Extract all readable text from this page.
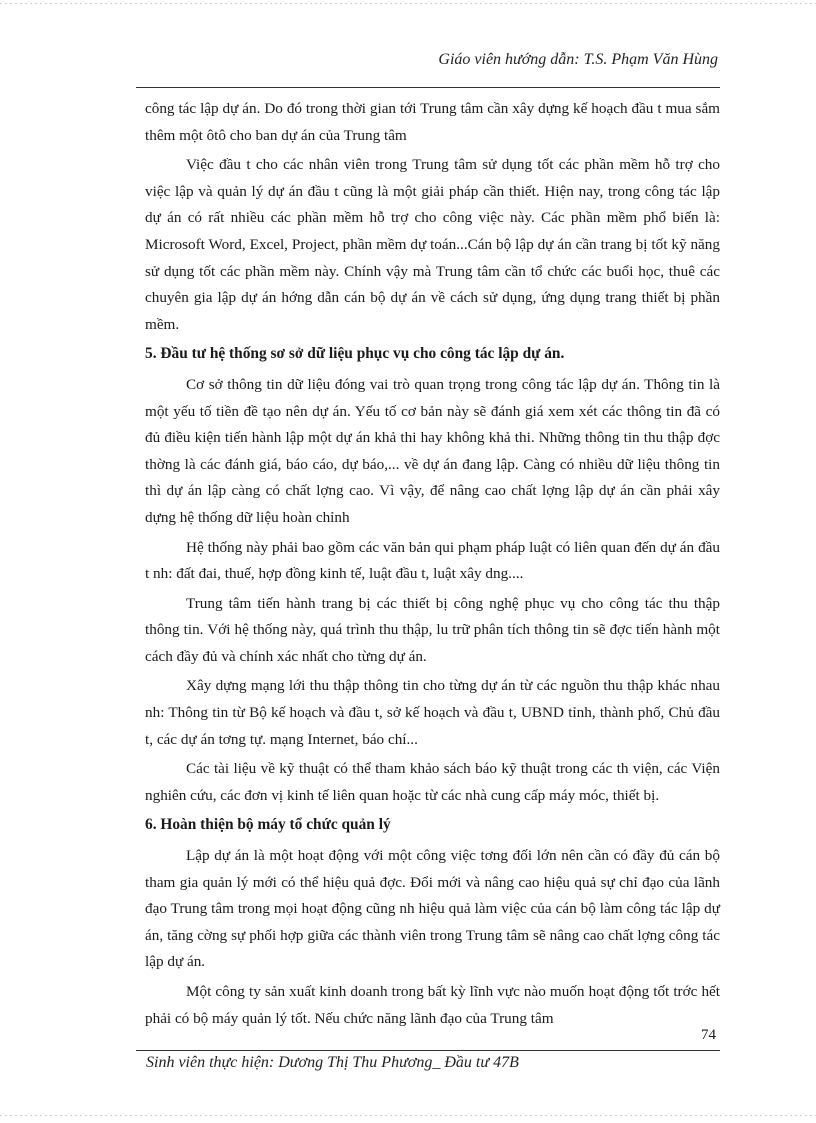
Giáo viên hướng dẫn: T.S. Phạm Văn Hùng

công tác lập dự án. Do đó trong thời gian tới Trung tâm cần xây dựng kế hoạch đầu t mua sắm thêm một ôtô cho ban dự án của Trung tâm

Việc đầu t cho các nhân viên trong Trung tâm sử dụng tốt các phần mềm hỗ trợ cho việc lập và quản lý dự án đầu t cũng là một giải pháp cần thiết. Hiện nay, trong công tác lập dự án có rất nhiều các phần mềm hỗ trợ cho công việc này. Các phần mềm phổ biến là: Microsoft Word, Excel, Project, phần mềm dự toán...Cán bộ lập dự án cần trang bị tốt kỹ năng sử dụng tốt các phần mềm này. Chính vậy mà Trung tâm cần tổ chức các buổi học, thuê các chuyên gia lập dự án hớng dẫn cán bộ dự án về cách sử dụng, ứng dụng trang thiết bị phần mềm.

5. Đầu tư hệ thống sơ sở dữ liệu phục vụ cho công tác lập dự án.

Cơ sở thông tin dữ liệu đóng vai trò quan trọng trong công tác lập dự án. Thông tin là một yếu tố tiền đề tạo nên dự án. Yếu tố cơ bản này sẽ đánh giá xem xét các thông tin đã có đủ điều kiện tiến hành lập một dự án khả thi hay không khả thi. Những thông tin thu thập đợc thờng là các đánh giá, báo cáo, dự báo,... về dự án đang lập. Càng có nhiều dữ liệu thông tin thì dự án lập càng có chất lợng cao. Vì vậy, để nâng cao chất lợng lập dự án cần phải xây dựng hệ thống dữ liệu hoàn chỉnh

Hệ thống này phải bao gồm các văn bản qui phạm pháp luật có liên quan đến dự án đầu t nh: đất đai, thuế, hợp đồng kinh tế, luật đầu t, luật xây dng....

Trung tâm tiến hành trang bị các thiết bị công nghệ phục vụ cho công tác thu thập thông tin. Với hệ thống này, quá trình thu thập, lu trữ phân tích thông tin sẽ đợc tiến hành một cách đầy đủ và chính xác nhất cho từng dự án.

Xây dựng mạng lới thu thập thông tin cho từng dự án từ các nguồn thu thập khác nhau nh: Thông tin từ Bộ kế hoạch và đầu t, sở kế hoạch và đầu t, UBND tỉnh, thành phố, Chủ đầu t, các dự án tơng tự. mạng Internet, báo chí...

Các tài liệu về kỹ thuật có thể tham khảo sách báo kỹ thuật trong các th viện, các Viện nghiên cứu, các đơn vị kinh tế liên quan hoặc từ các nhà cung cấp máy móc, thiết bị.

6. Hoàn thiện bộ máy tổ chức quản lý

Lập dự án là một hoạt động với một công việc tơng đối lớn nên cần có đầy đủ cán bộ tham gia quản lý mới có thể hiệu quả đợc. Đổi mới và nâng cao hiệu quả sự chỉ đạo của lãnh đạo Trung tâm trong mọi hoạt động cũng nh hiệu quả làm việc của cán bộ làm công tác lập dự án, tăng cờng sự phối hợp giữa các thành viên trong Trung tâm sẽ nâng cao chất lợng công tác lập dự án.

Một công ty sản xuất kinh doanh trong bất kỳ lĩnh vực nào muốn hoạt động tốt trớc hết phải có bộ máy quản lý tốt. Nếu chức năng lãnh đạo của Trung tâm

74
Sinh viên thực hiện: Dương Thị Thu Phương_ Đầu tư 47B
